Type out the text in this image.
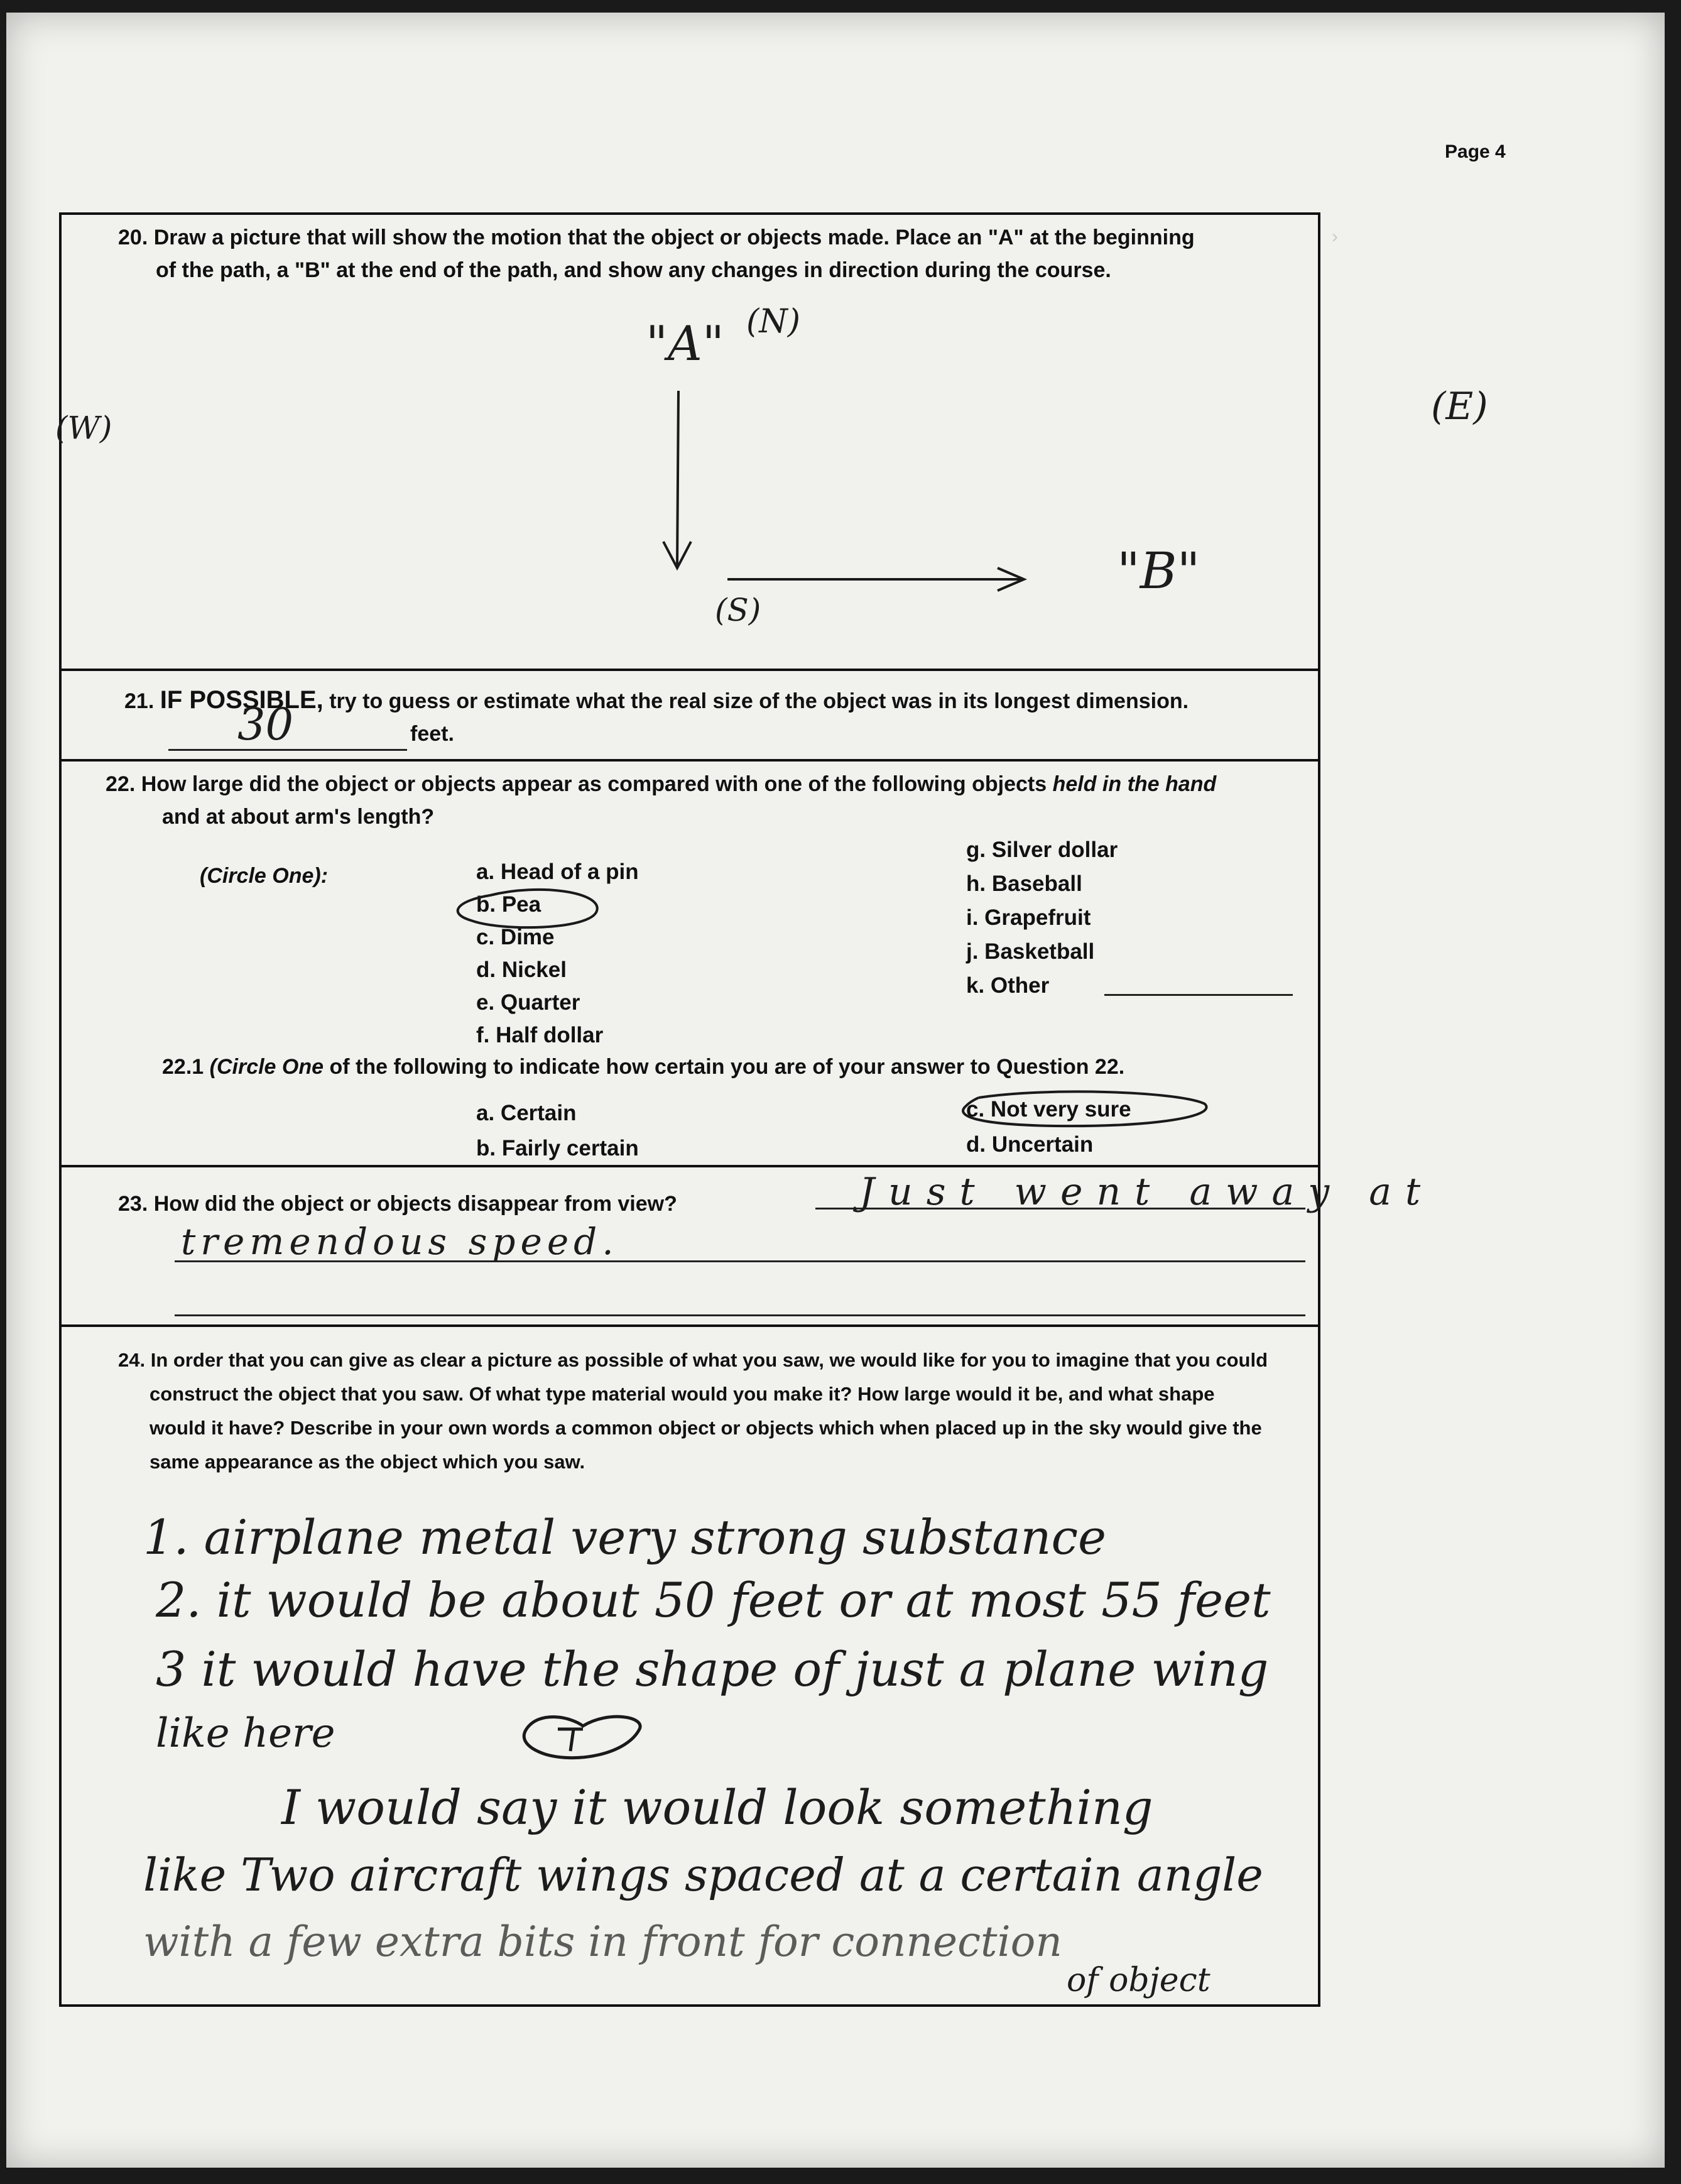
Page 4
›
20. Draw a picture that will show the motion that the object or objects made. Place an "A" at the beginning
of the path, a "B" at the end of the path, and show any changes in direction during the course.
"A" (N)
(W)	(E)
(S)
"B"
21. IF POSSIBLE, try to guess or estimate what the real size of the object was in its longest dimension.
30	feet.
22. How large did the object or objects appear as compared with one of the following objects held in the hand
and at about arm's length?
(Circle One):	a. Head of a pin
b. Pea
c. Dime
d. Nickel
e. Quarter
f. Half dollar
g. Silver dollar
h. Baseball
i. Grapefruit
j. Basketball
k. Other
22.1 (Circle One of the following to indicate how certain you are of your answer to Question 22.
a. Certain
b. Fairly certain
c. Not very sure
d. Uncertain
23. How did the object or objects disappear from view?	Just went away at
tremendous speed.
24. In order that you can give as clear a picture as possible of what you saw, we would like for you to imagine that you could
construct the object that you saw. Of what type material would you make it? How large would it be, and what shape
would it have? Describe in your own words a common object or objects which when placed up in the sky would give the
same appearance as the object which you saw.
1. airplane metal very strong substance
2. it would be about 50 feet or at most 55 feet
3 it would have the shape of just a plane wing
like here
I would say it would look something
like Two aircraft wings spaced at a certain angle
with a few extra bits in front for connection
of object
